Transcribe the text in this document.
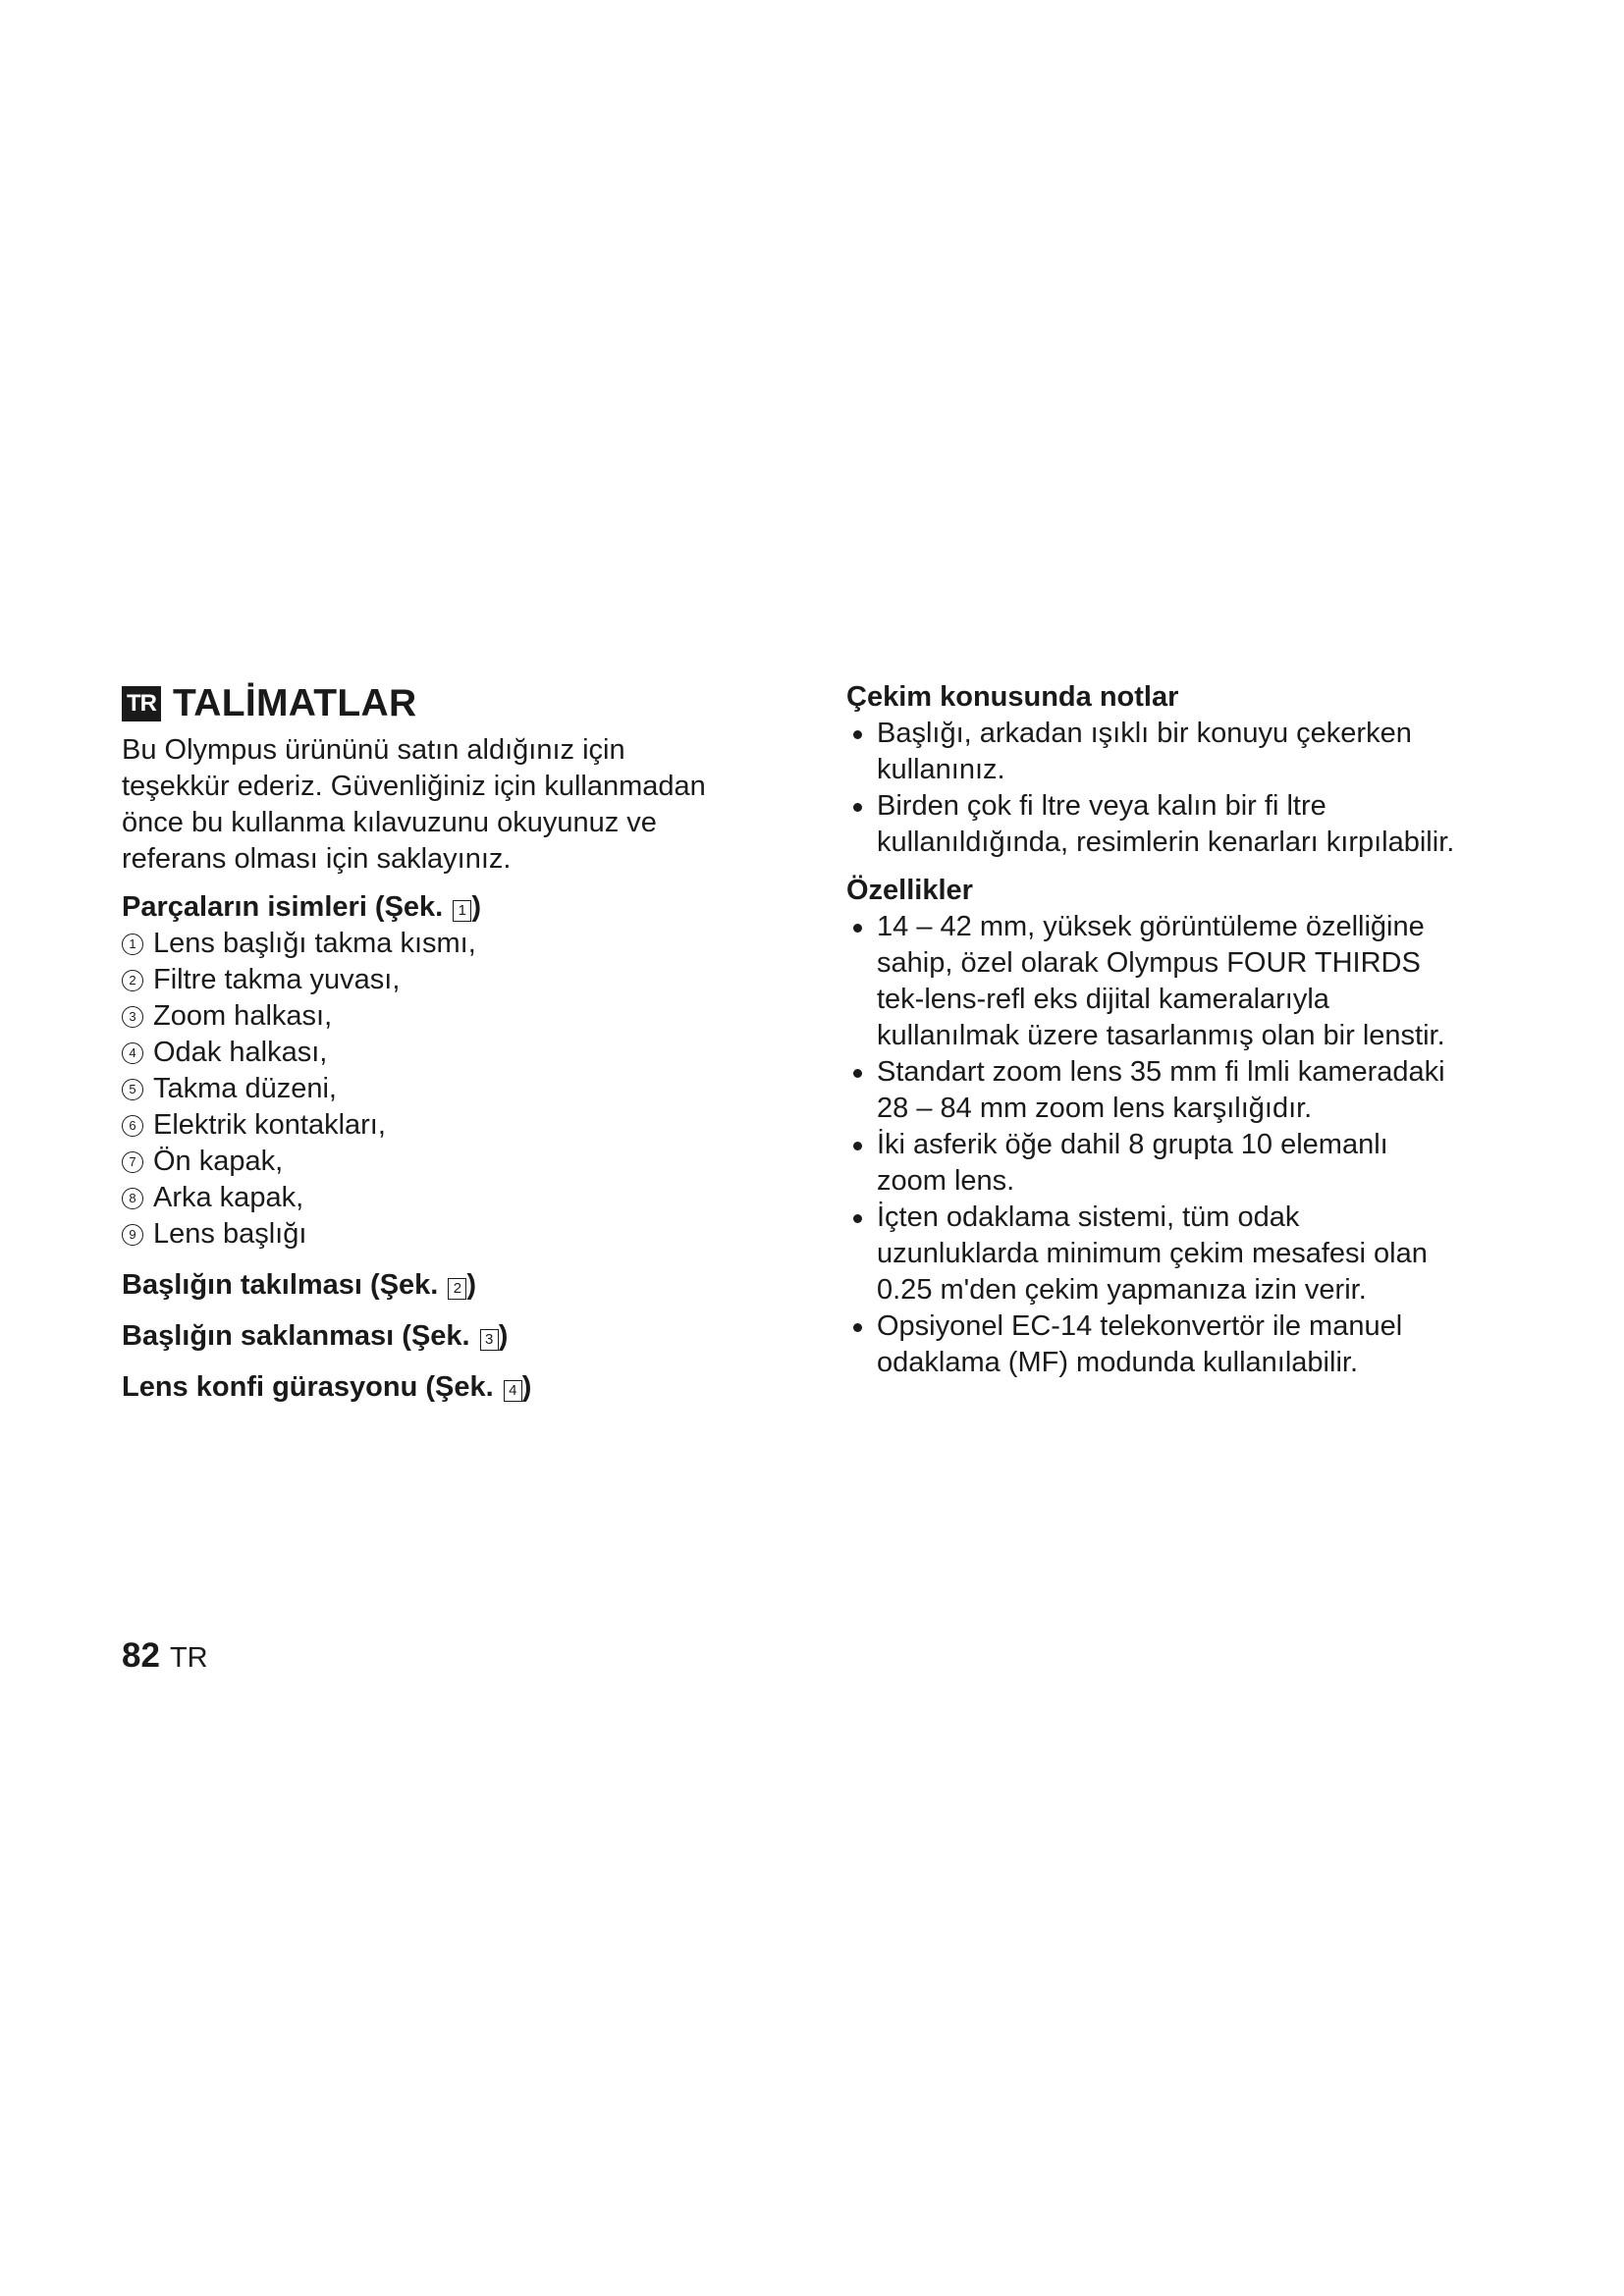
TR TALİMATLAR

Bu Olympus ürününü satın aldığınız için
teşekkür ederiz. Güvenliğiniz için kullanmadan
önce bu kullanma kılavuzunu okuyunuz ve
referans olması için saklayınız.

Parçaların isimleri (Şek. 1 )
1 Lens başlığı takma kısmı,
2 Filtre takma yuvası,
3 Zoom halkası,
4 Odak halkası,
5 Takma düzeni,
6 Elektrik kontakları,
7 Ön kapak,
8 Arka kapak,
9 Lens başlığı
Başlığın takılması (Şek. 2 )
Başlığın saklanması (Şek. 3 )
Lens konfi gürasyonu (Şek. 4 )
Çekim konusunda notlar
Başlığı, arkadan ışıklı bir konuyu çekerken
kullanınız.
Birden çok fi ltre veya kalın bir fi ltre
kullanıldığında, resimlerin kenarları kırpılabilir.
Özellikler
14 – 42 mm, yüksek görüntüleme özelliğine
sahip, özel olarak Olympus FOUR THIRDS
tek-lens-refl eks dijital kameralarıyla
kullanılmak üzere tasarlanmış olan bir lenstir.
Standart zoom lens 35 mm fi lmli kameradaki
28 – 84 mm zoom lens karşılığıdır.
İki asferik öğe dahil 8 grupta 10 elemanlı
zoom lens.
İçten odaklama sistemi, tüm odak
uzunluklarda minimum çekim mesafesi olan
0.25 m'den çekim yapmanıza izin verir.
Opsiyonel EC-14 telekonvertör ile manuel
odaklama (MF) modunda kullanılabilir.
82 TR
